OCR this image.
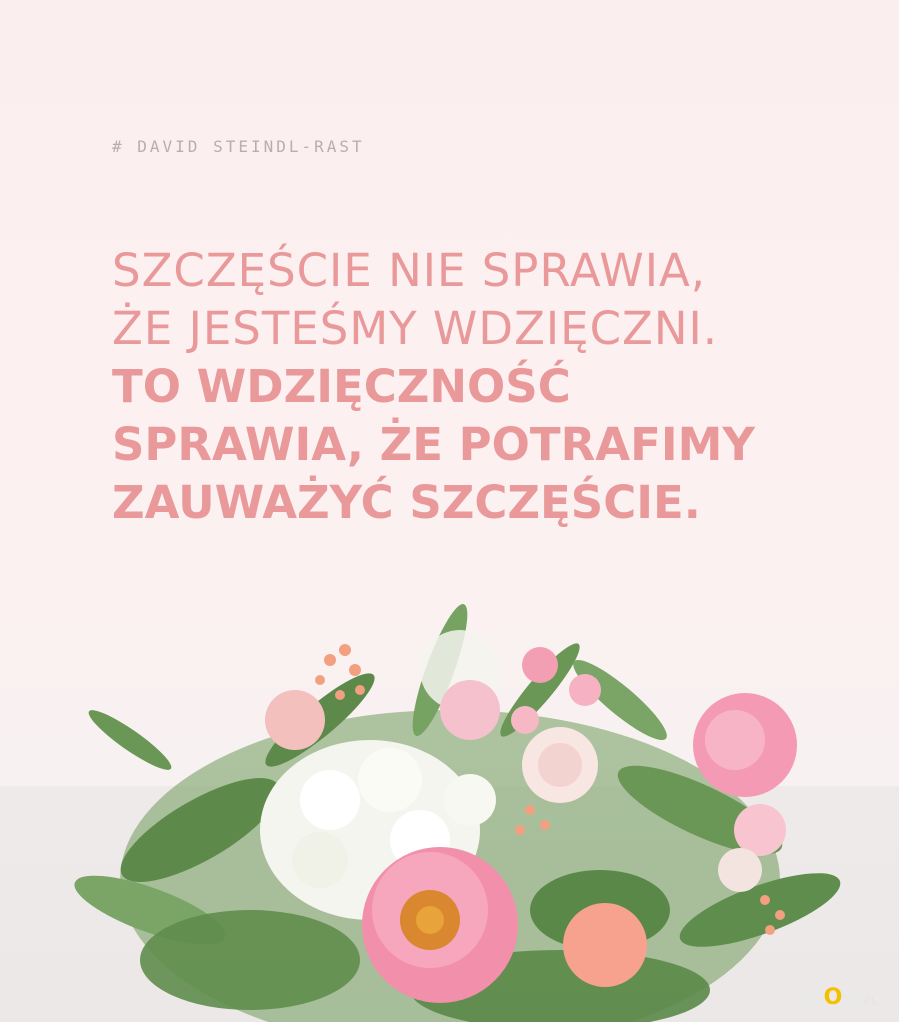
# DAVID STEINDL-RAST
SZCZĘŚCIE NIE SPRAWIA,
ŻE JESTEŚMY WDZIĘCZNI.
TO WDZIĘCZNOŚĆ
SPRAWIA, ŻE POTRAFIMY
ZAUWAŻYĆ SZCZĘŚCIE.
DEON.PL
